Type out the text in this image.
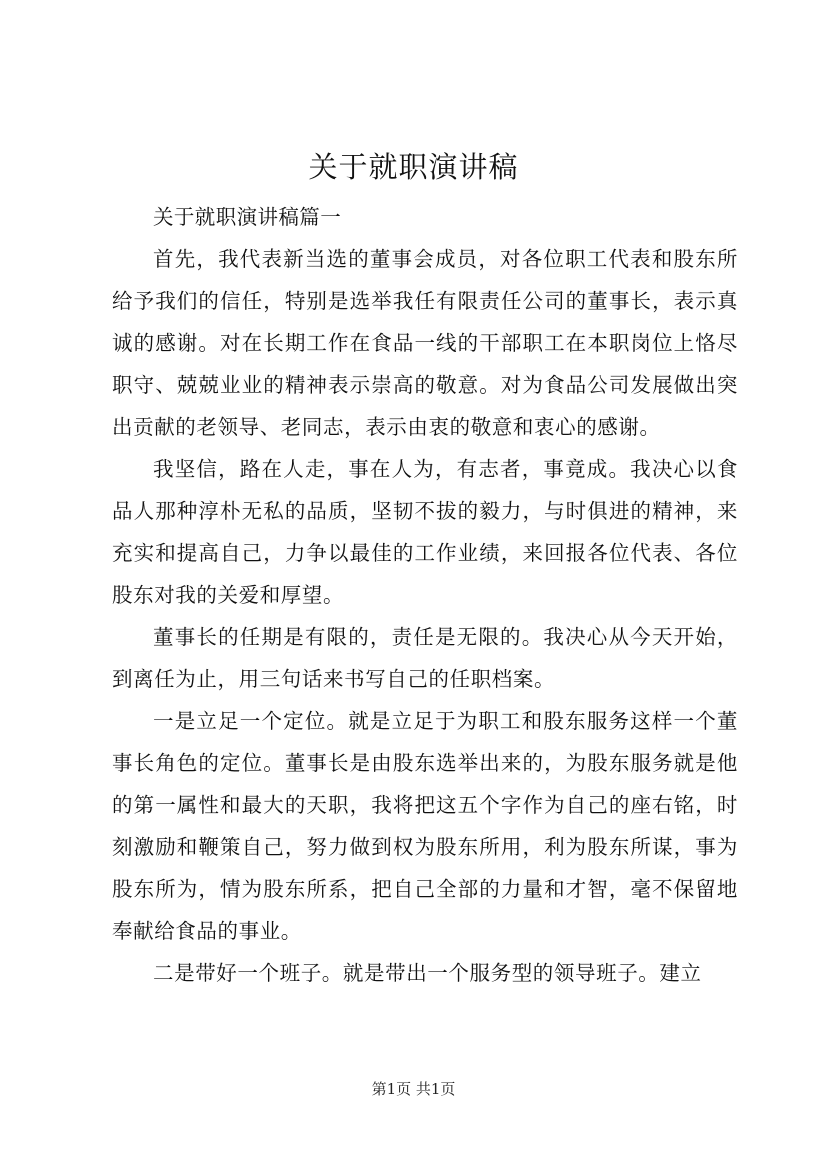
关于就职演讲稿

关于就职演讲稿篇一

首先，我代表新当选的董事会成员，对各位职工代表和股东所给予我们的信任，特别是选举我任有限责任公司的董事长，表示真诚的感谢。对在长期工作在食品一线的干部职工在本职岗位上恪尽职守、兢兢业业的精神表示崇高的敬意。对为食品公司发展做出突出贡献的老领导、老同志，表示由衷的敬意和衷心的感谢。

我坚信，路在人走，事在人为，有志者，事竟成。我决心以食品人那种淳朴无私的品质，坚韧不拔的毅力，与时俱进的精神，来充实和提高自己，力争以最佳的工作业绩，来回报各位代表、各位股东对我的关爱和厚望。

董事长的任期是有限的，责任是无限的。我决心从今天开始，到离任为止，用三句话来书写自己的任职档案。

一是立足一个定位。就是立足于为职工和股东服务这样一个董事长角色的定位。董事长是由股东选举出来的，为股东服务就是他的第一属性和最大的天职，我将把这五个字作为自己的座右铭，时刻激励和鞭策自己，努力做到权为股东所用，利为股东所谋，事为股东所为，情为股东所系，把自己全部的力量和才智，毫不保留地奉献给食品的事业。

二是带好一个班子。就是带出一个服务型的领导班子。建立

第1页 共1页
